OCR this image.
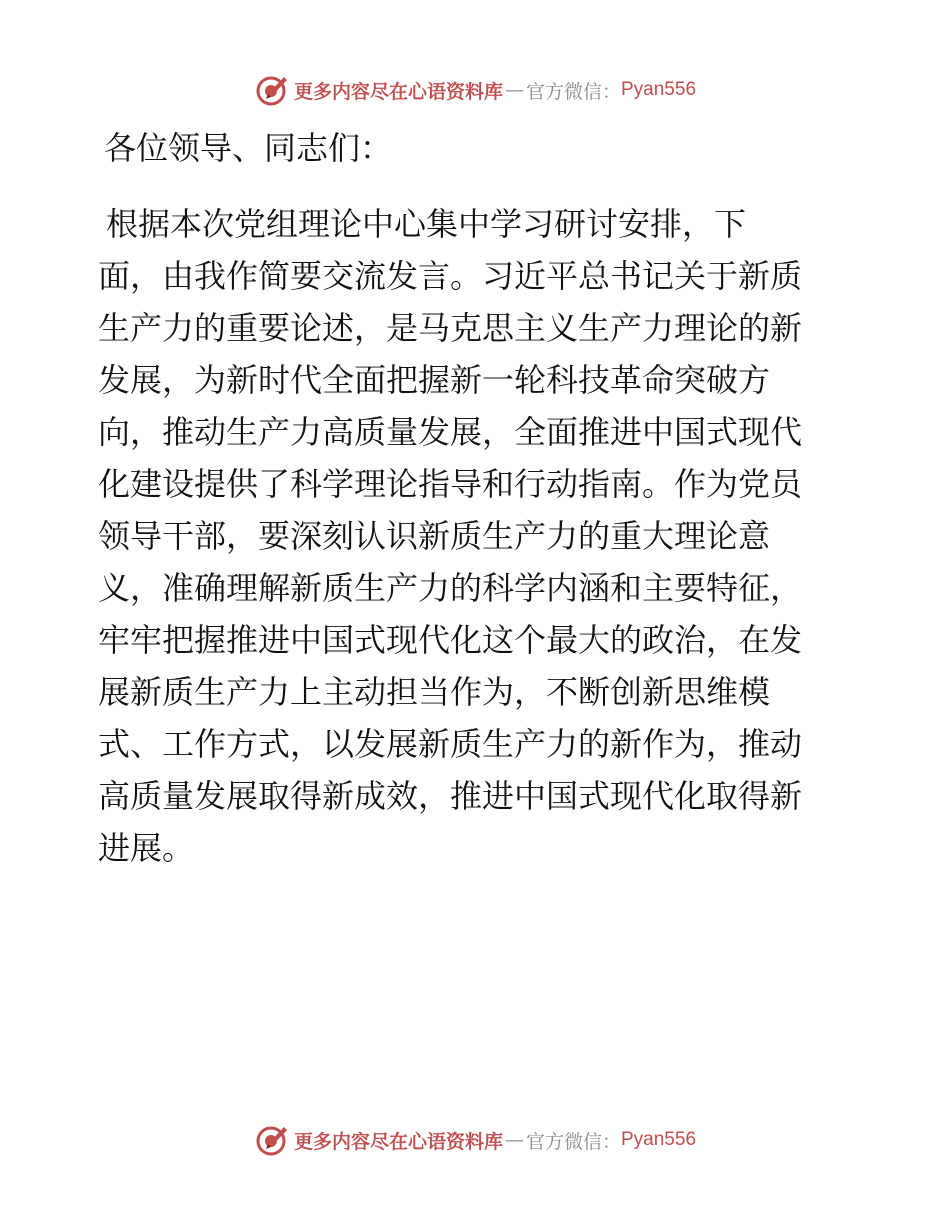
更多内容尽在心语资料库 — 官方微信： Pyan556
各位领导、同志们：
根据本次党组理论中心集中学习研讨安排，下
面，由我作简要交流发言。习近平总书记关于新质
生产力的重要论述，是马克思主义生产力理论的新
发展，为新时代全面把握新一轮科技革命突破方
向，推动生产力高质量发展，全面推进中国式现代
化建设提供了科学理论指导和行动指南。作为党员
领导干部，要深刻认识新质生产力的重大理论意
义，准确理解新质生产力的科学内涵和主要特征，
牢牢把握推进中国式现代化这个最大的政治，在发
展新质生产力上主动担当作为，不断创新思维模
式、工作方式，以发展新质生产力的新作为，推动
高质量发展取得新成效，推进中国式现代化取得新
进展。
更多内容尽在心语资料库 — 官方微信： Pyan556
